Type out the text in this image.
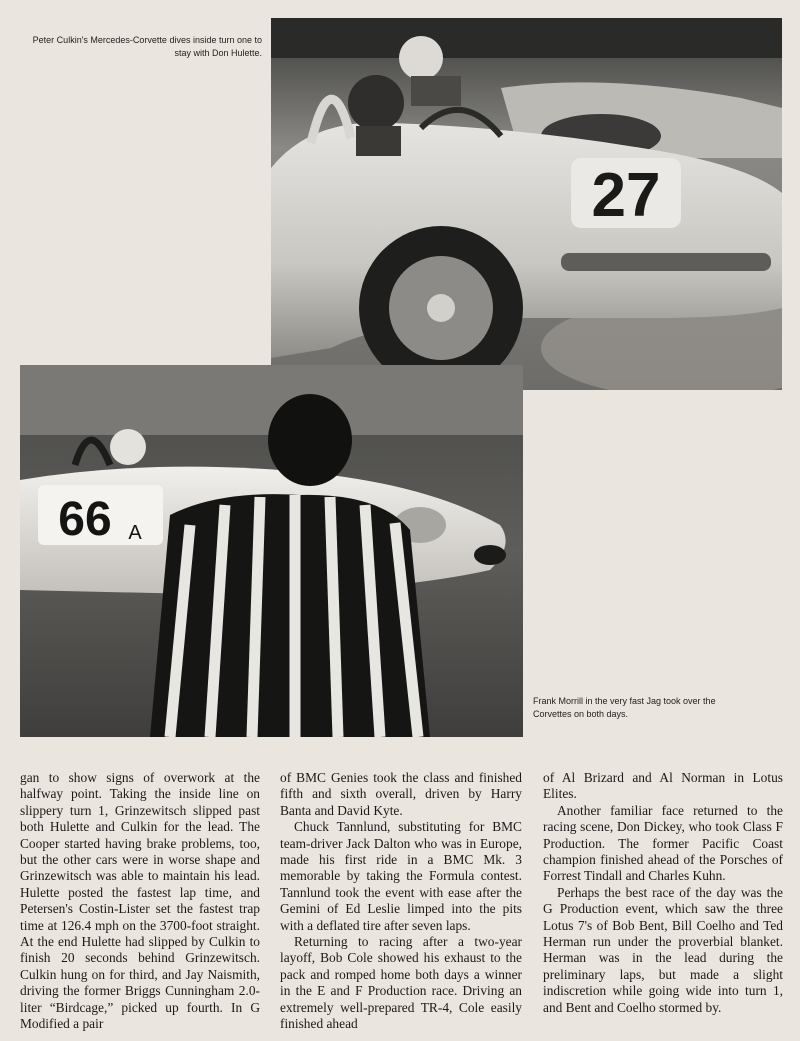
27
66 A
Peter Culkin's Mercedes-Corvette dives inside turn one to stay with Don Hulette.
Frank Morrill in the very fast Jag took over the Corvettes on both days.

gan to show signs of overwork at the halfway point. Taking the inside line on slippery turn 1, Grinzewitsch slipped past both Hulette and Culkin for the lead. The Cooper started having brake problems, too, but the other cars were in worse shape and Grinzewitsch was able to maintain his lead. Hulette posted the fastest lap time, and Petersen's Costin-Lister set the fastest trap time at 126.4 mph on the 3700-foot straight. At the end Hulette had slipped by Culkin to finish 20 seconds behind Grinzewitsch. Culkin hung on for third, and Jay Naismith, driving the former Briggs Cunningham 2.0-liter “Birdcage,” picked up fourth. In G Modified a pair

of BMC Genies took the class and finished fifth and sixth overall, driven by Harry Banta and David Kyte.

Chuck Tannlund, substituting for BMC team-driver Jack Dalton who was in Europe, made his first ride in a BMC Mk. 3 memorable by taking the Formula contest. Tannlund took the event with ease after the Gemini of Ed Leslie limped into the pits with a deflated tire after seven laps.

Returning to racing after a two-year layoff, Bob Cole showed his exhaust to the pack and romped home both days a winner in the E and F Production race. Driving an extremely well-prepared TR-4, Cole easily finished ahead

of Al Brizard and Al Norman in Lotus Elites.

Another familiar face returned to the racing scene, Don Dickey, who took Class F Production. The former Pacific Coast champion finished ahead of the Porsches of Forrest Tindall and Charles Kuhn.

Perhaps the best race of the day was the G Production event, which saw the three Lotus 7's of Bob Bent, Bill Coelho and Ted Herman run under the proverbial blanket. Herman was in the lead during the preliminary laps, but made a slight indiscretion while going wide into turn 1, and Bent and Coelho stormed by.
